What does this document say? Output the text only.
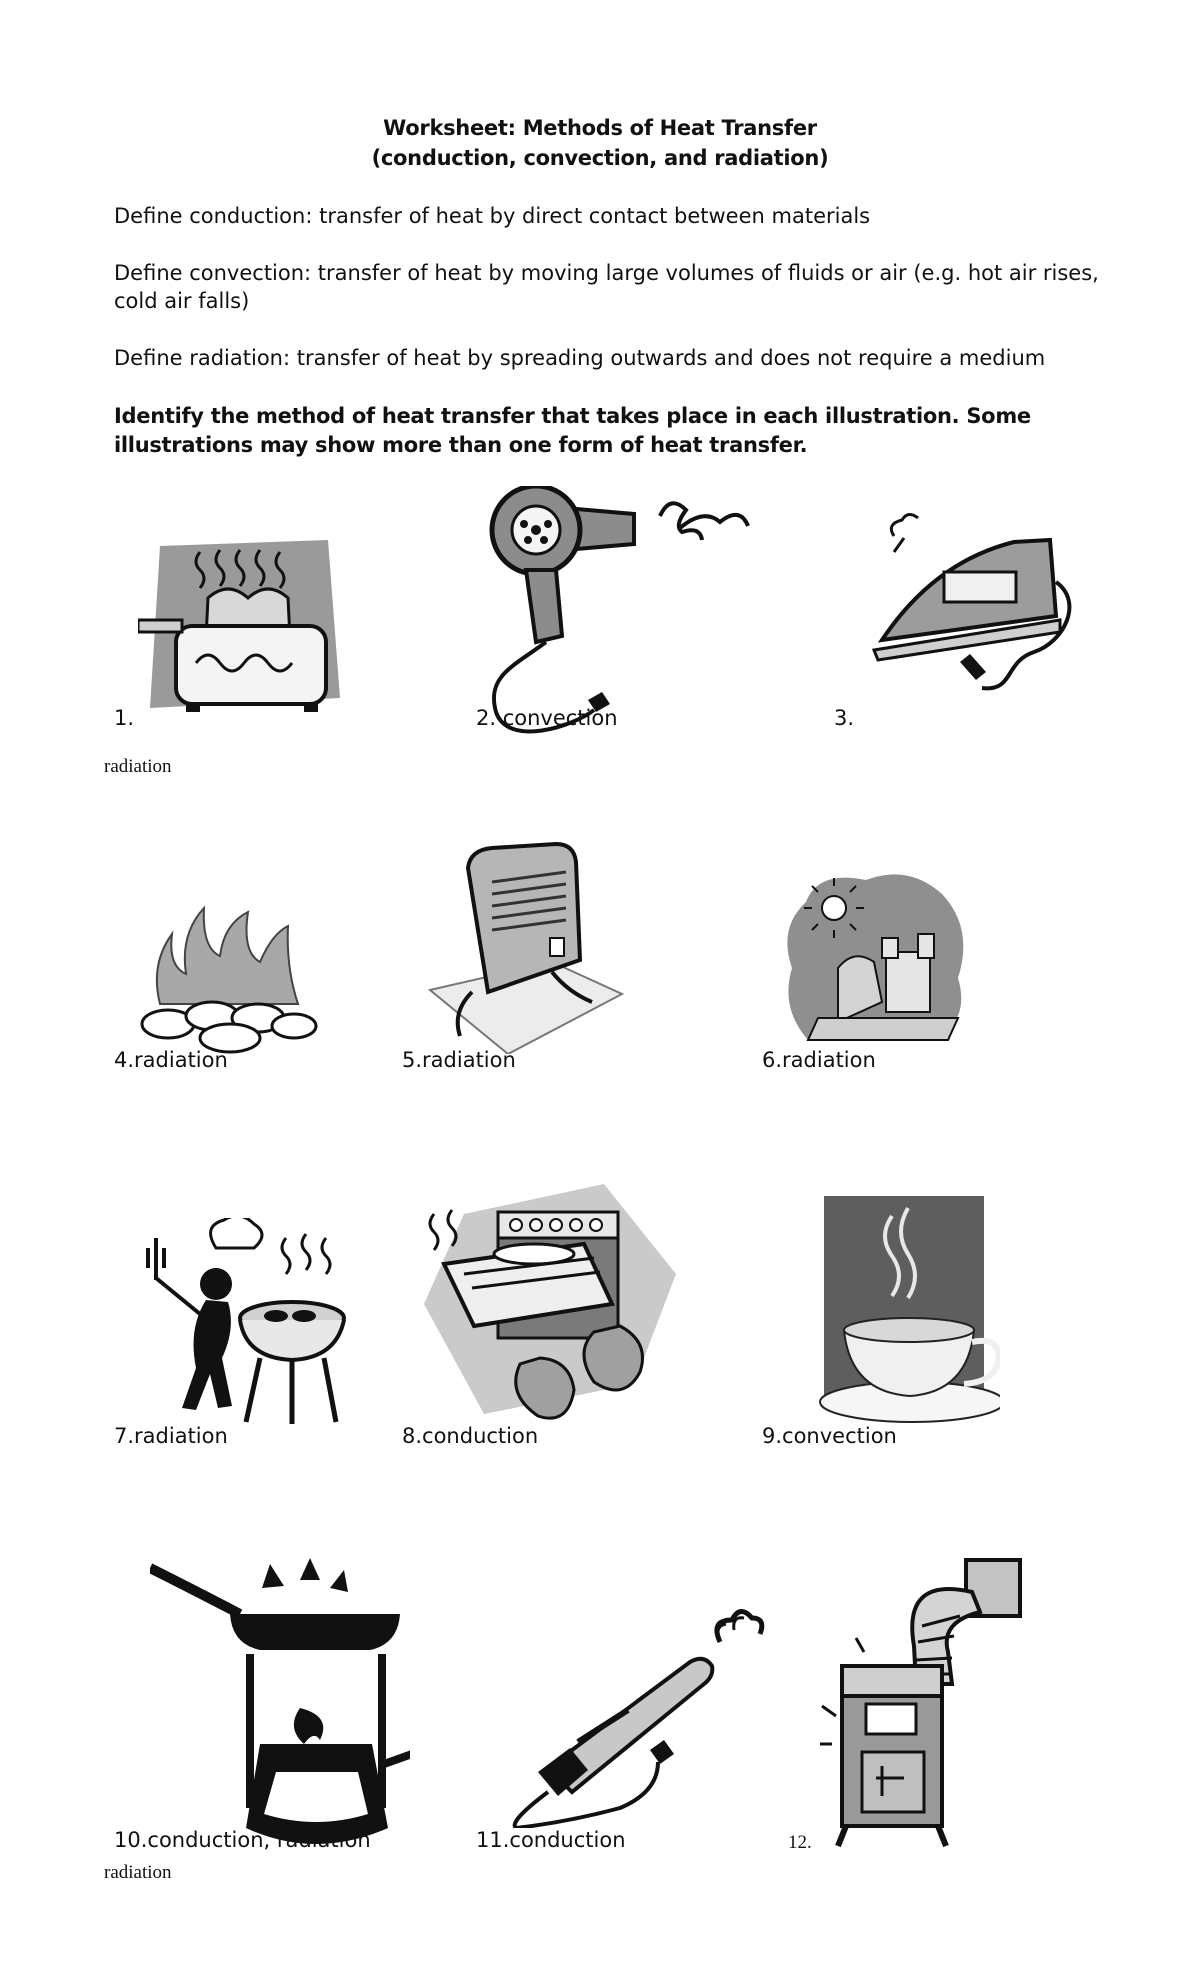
Worksheet: Methods of Heat Transfer
(conduction, convection, and radiation)
Define conduction: transfer of heat by direct contact between materials
Define convection: transfer of heat by moving large volumes of fluids or air (e.g. hot air rises, cold air falls)
Define radiation: transfer of heat by spreading outwards and does not require a medium
Identify the method of heat transfer that takes place in each illustration. Some illustrations may show more than one form of heat transfer.
1.
radiation
2. convection	3.
4.radiation	5.radiation	6.radiation
7.radiation	8.conduction	9.convection
10.conduction, radiation
radiation
11.conduction	12.
